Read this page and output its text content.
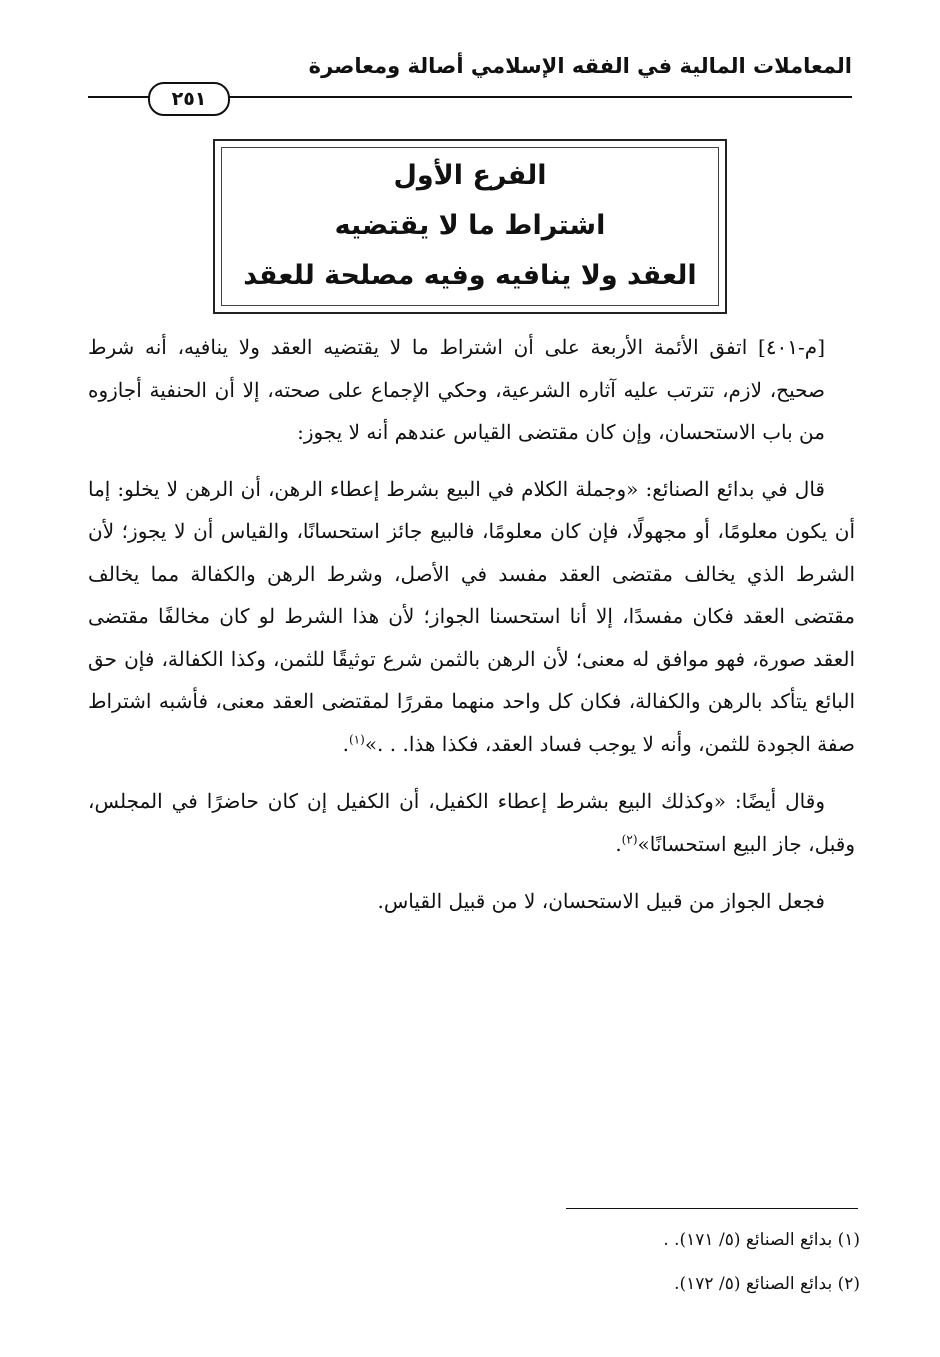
المعاملات المالية في الفقه الإسلامي أصالة ومعاصرة
٢٥١
الفرع الأول
اشتراط ما لا يقتضيه
العقد ولا ينافيه وفيه مصلحة للعقد

[م-٤٠١] اتفق الأئمة الأربعة على أن اشتراط ما لا يقتضيه العقد ولا ينافيه، أنه شرط صحيح، لازم، تترتب عليه آثاره الشرعية، وحكي الإجماع على صحته، إلا أن الحنفية أجازوه من باب الاستحسان، وإن كان مقتضى القياس عندهم أنه لا يجوز:

قال في بدائع الصنائع: «وجملة الكلام في البيع بشرط إعطاء الرهن، أن الرهن لا يخلو: إما أن يكون معلومًا، أو مجهولًا، فإن كان معلومًا، فالبيع جائز استحسانًا، والقياس أن لا يجوز؛ لأن الشرط الذي يخالف مقتضى العقد مفسد في الأصل، وشرط الرهن والكفالة مما يخالف مقتضى العقد فكان مفسدًا، إلا أنا استحسنا الجواز؛ لأن هذا الشرط لو كان مخالفًا مقتضى العقد صورة، فهو موافق له معنى؛ لأن الرهن بالثمن شرع توثيقًا للثمن، وكذا الكفالة، فإن حق البائع يتأكد بالرهن والكفالة، فكان كل واحد منهما مقررًا لمقتضى العقد معنى، فأشبه اشتراط صفة الجودة للثمن، وأنه لا يوجب فساد العقد، فكذا هذا. . .»$^{(١)}$.

وقال أيضًا: «وكذلك البيع بشرط إعطاء الكفيل، أن الكفيل إن كان حاضرًا في المجلس، وقبل، جاز البيع استحسانًا»$^{(٢)}$.

فجعل الجواز من قبيل الاستحسان، لا من قبيل القياس.

(١) بدائع الصنائع (٥/ ١٧١). .
(٢) بدائع الصنائع (٥/ ١٧٢).
